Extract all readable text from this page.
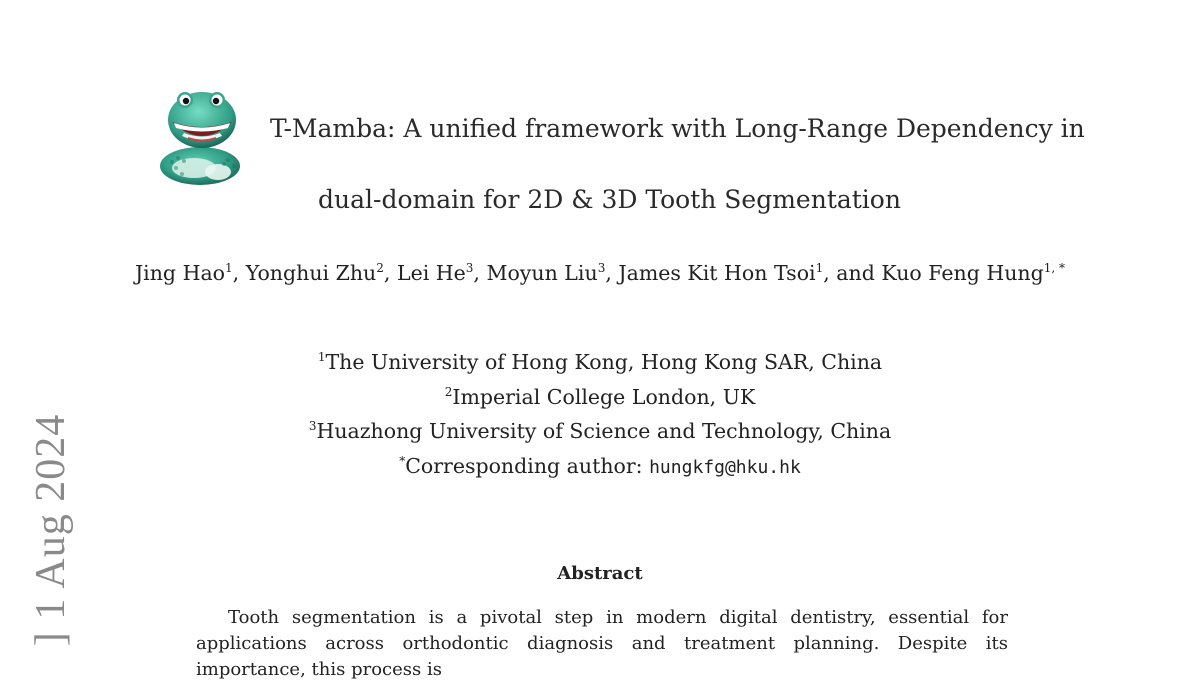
] 1 Aug 2024
T-Mamba: A unified framework with Long-Range Dependency in
dual-domain for 2D & 3D Tooth Segmentation
Jing Hao$^1$, Yonghui Zhu$^2$, Lei He$^3$, Moyun Liu$^3$, James Kit Hon Tsoi$^1$, and Kuo Feng Hung$^{1, *}$
$^1$The University of Hong Kong, Hong Kong SAR, China
$^2$Imperial College London, UK
$^3$Huazhong University of Science and Technology, China
*Corresponding author: hungkfg@hku.hk
Abstract
Tooth segmentation is a pivotal step in modern digital dentistry, essential for applications across orthodontic diagnosis and treatment planning. Despite its importance, this process is
